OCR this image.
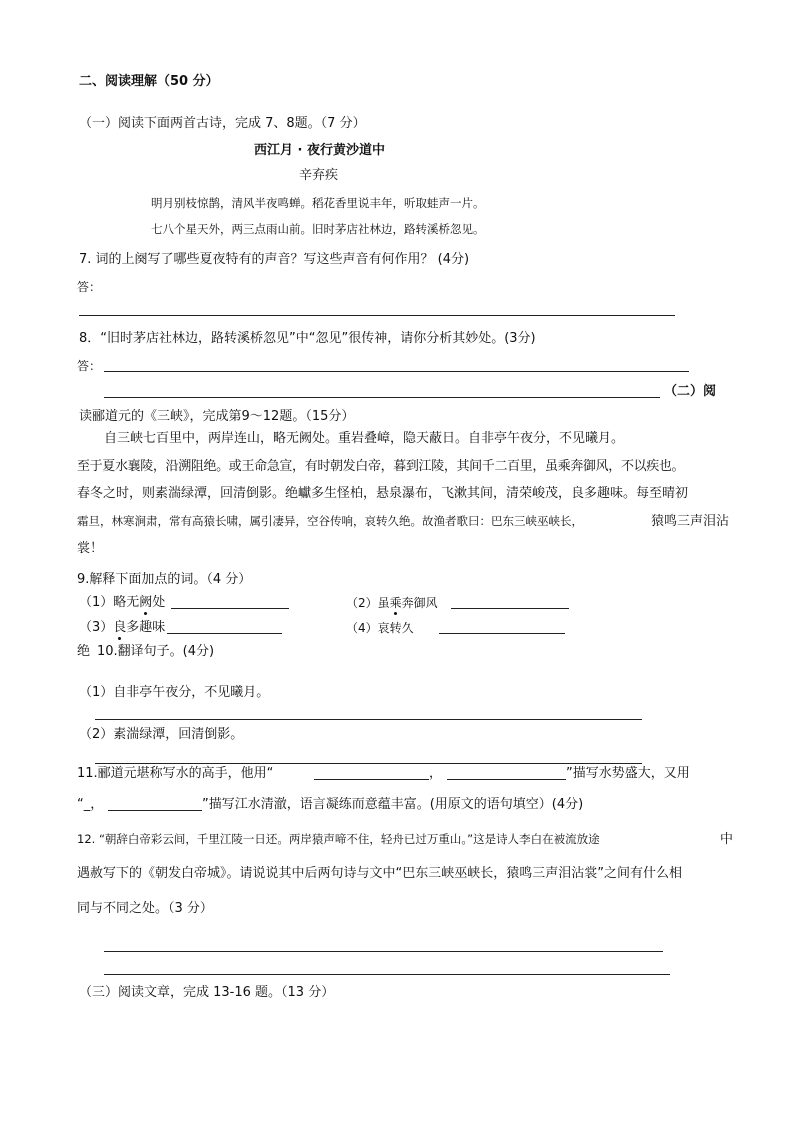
二、阅读理解（50 分）
（一）阅读下面两首古诗，完成 7、8题。（7 分）
西江月 · 夜行黄沙道中
辛弃疾
明月别枝惊鹊，清风半夜鸣蝉。稻花香里说丰年，听取蛙声一片。
七八个星天外，两三点雨山前。旧时茅店社林边，路转溪桥忽见。
7. 词的上阕写了哪些夏夜特有的声音？写这些声音有何作用？ (4分)
答：
8．“旧时茅店社林边，路转溪桥忽见”中“忽见”很传神，请你分析其妙处。(3分)
答：
（二）阅
读郦道元的《三峡》，完成第9～12题。（15分）
自三峡七百里中，两岸连山，略无阙处。重岩叠嶂，隐天蔽日。自非亭午夜分，不见曦月。
至于夏水襄陵，沿溯阻绝。或王命急宣，有时朝发白帝，暮到江陵，其间千二百里，虽乘奔御风，不以疾也。
春冬之时，则素湍绿潭，回清倒影。绝巘多生怪柏，悬泉瀑布，飞漱其间，清荣峻茂，良多趣味。每至晴初
霜旦，林寒涧肃，常有高猿长啸，属引凄异，空谷传响，哀转久绝。故渔者歌曰：巴东三峡巫峡长，	猿鸣三声泪沾
裳！
9.解释下面加点的词。（4 分）
（1）略无阙处	（2）虽乘奔御风
（3）良多趣味	（4）哀转久
绝 10.翻译句子。(4分)
（1）自非亭午夜分，不见曦月。
（2）素湍绿潭，回清倒影。
11.郦道元堪称写水的高手，他用“	，	”描写水势盛大，又用
“_，	”描写江水清澈，语言凝练而意蕴丰富。(用原文的语句填空）(4分)
12. “朝辞白帝彩云间，千里江陵一日还。两岸猿声啼不住，轻舟已过万重山。”这是诗人李白在被流放途	中
遇赦写下的《朝发白帝城》。请说说其中后两句诗与文中“巴东三峡巫峡长，猿鸣三声泪沾裳”之间有什么相
同与不同之处。（3 分）
（三）阅读文章，完成 13-16 题。（13 分）
